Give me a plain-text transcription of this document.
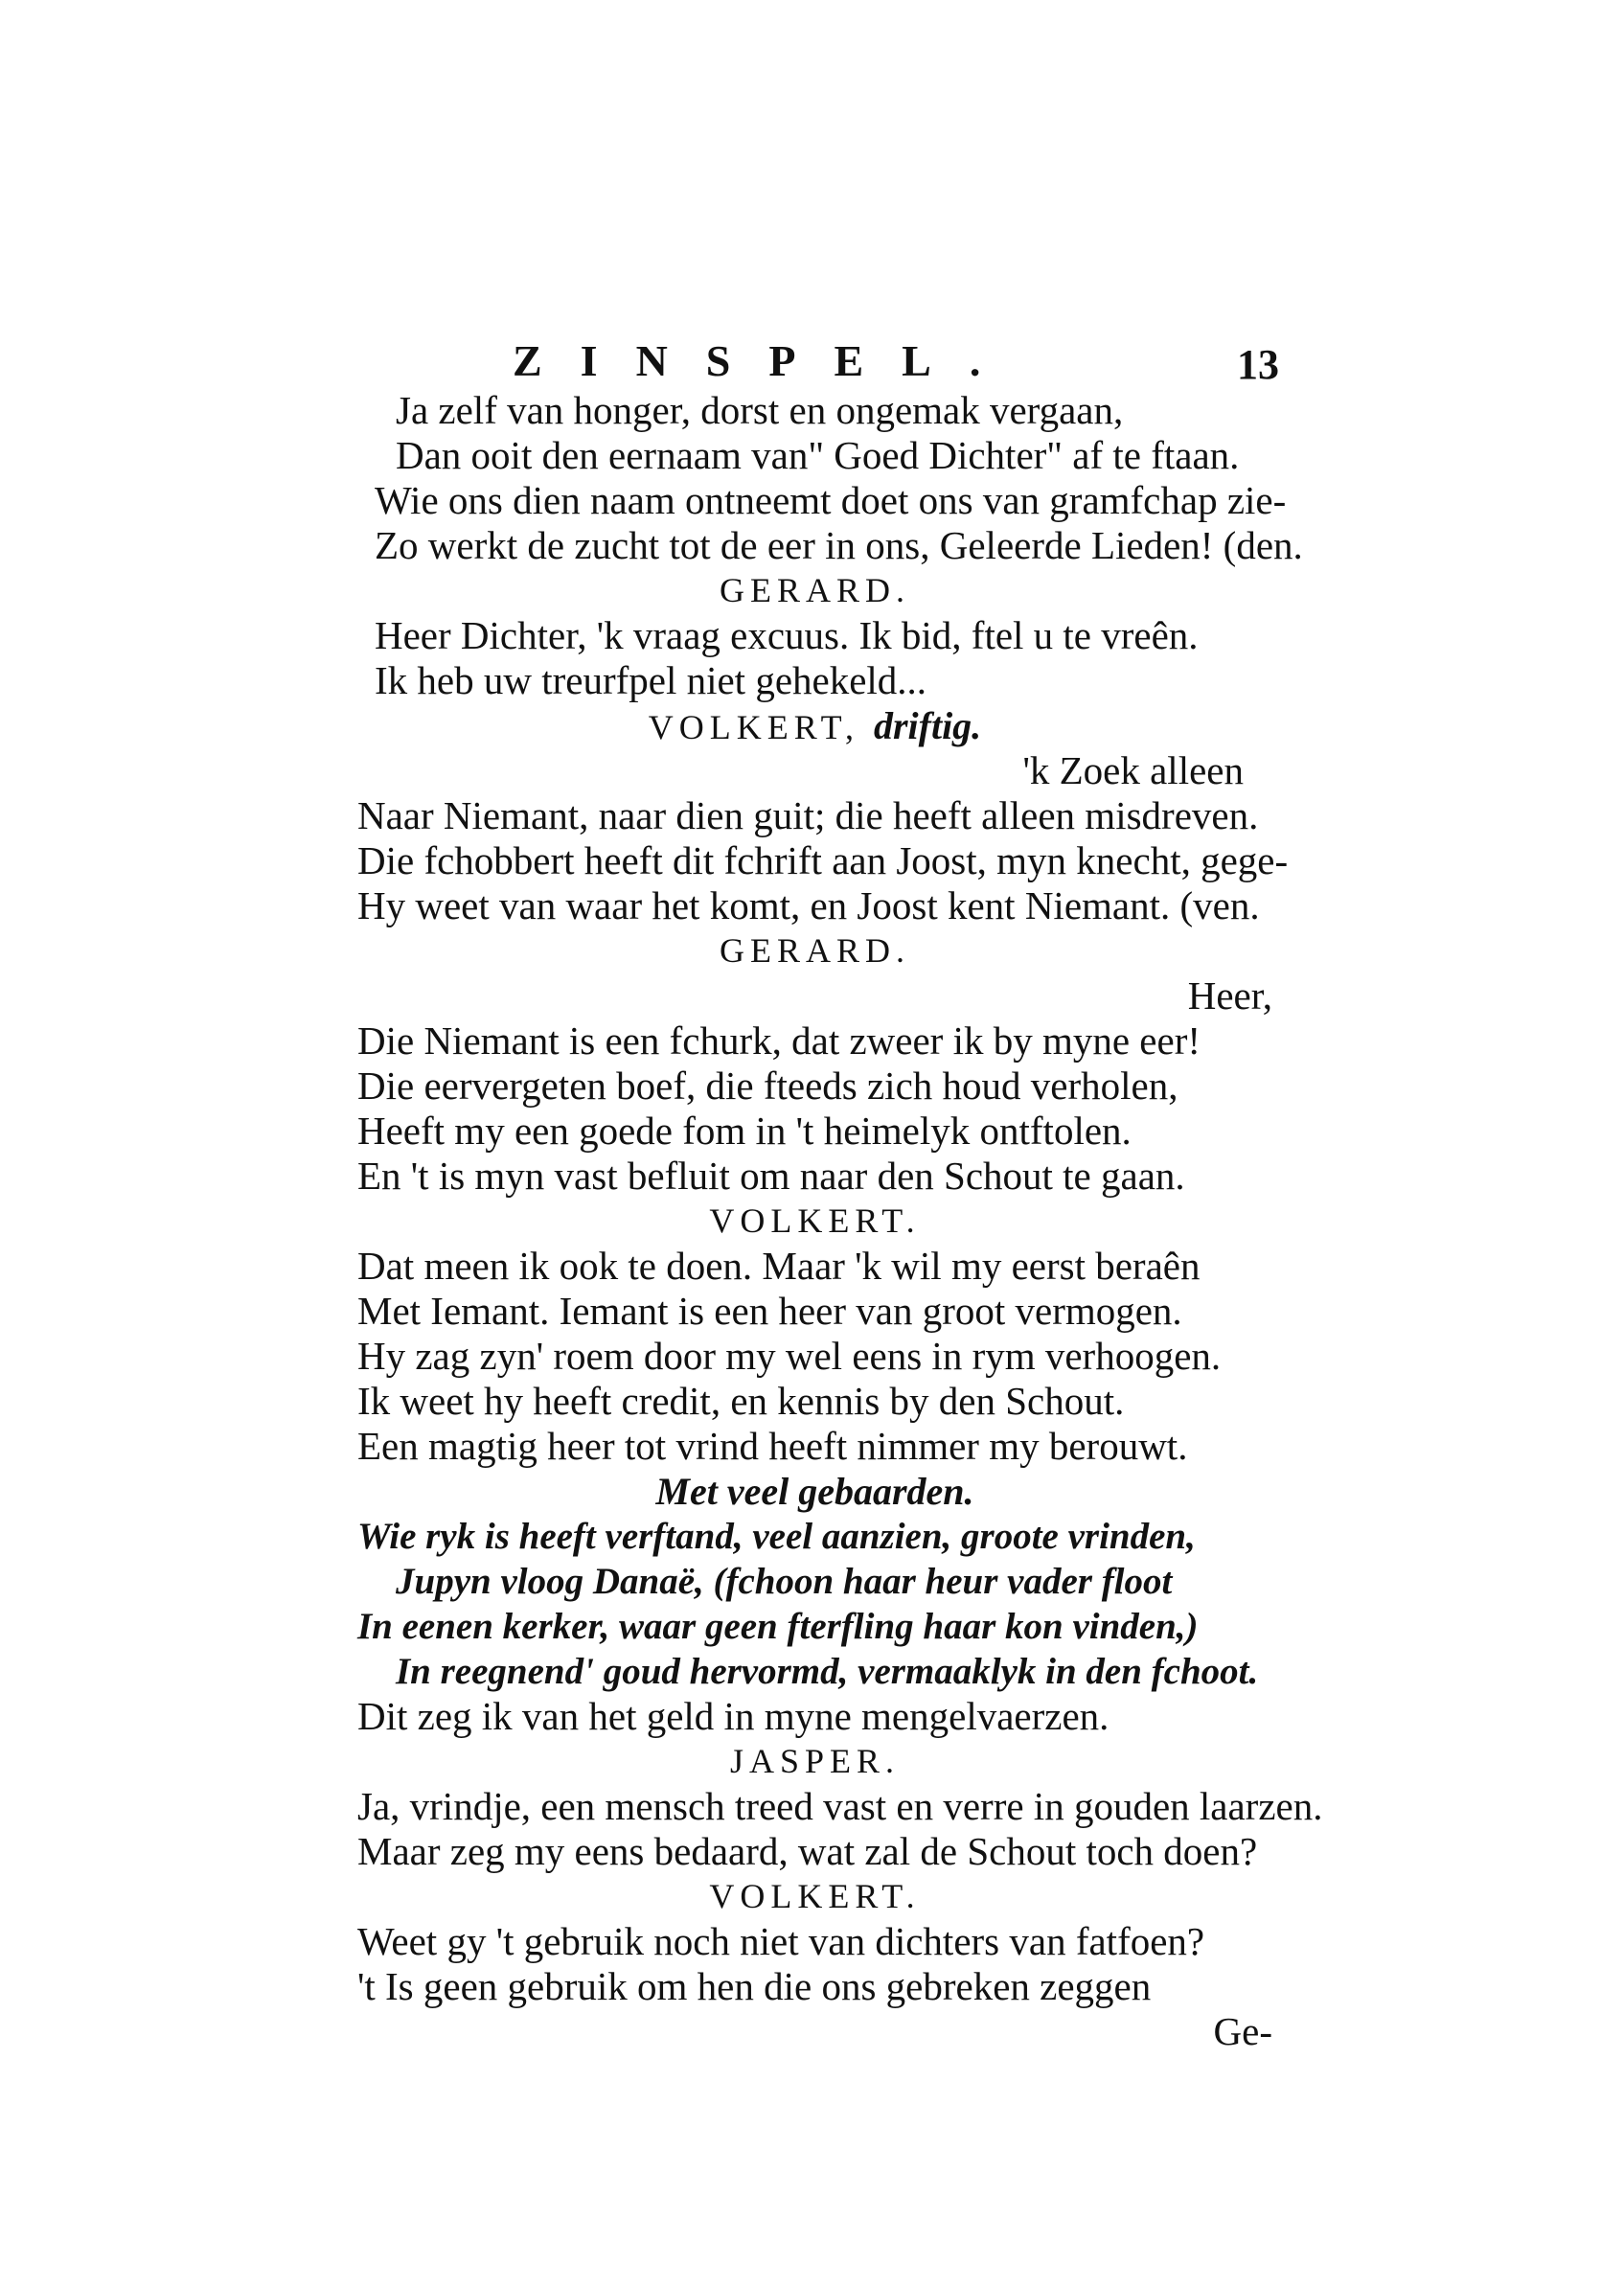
ZINSPEL.	13
Ja zelf van honger, dorst en ongemak vergaan,
Dan ooit den eernaam van" Goed Dichter" af te ftaan.
Wie ons dien naam ontneemt doet ons van gramfchap zie-
Zo werkt de zucht tot de eer in ons, Geleerde Lieden! (den.
GERARD.
Heer Dichter, 'k vraag excuus. Ik bid, ftel u te vreên.
Ik heb uw treurfpel niet gehekeld...
VOLKERT, driftig.
'k Zoek alleen
Naar Niemant, naar dien guit; die heeft alleen misdreven.
Die fchobbert heeft dit fchrift aan Joost, myn knecht, gege-
Hy weet van waar het komt, en Joost kent Niemant. (ven.
GERARD.
Heer,
Die Niemant is een fchurk, dat zweer ik by myne eer!
Die eervergeten boef, die fteeds zich houd verholen,
Heeft my een goede fom in 't heimelyk ontftolen.
En 't is myn vast befluit om naar den Schout te gaan.
VOLKERT.
Dat meen ik ook te doen. Maar 'k wil my eerst beraên
Met Iemant. Iemant is een heer van groot vermogen.
Hy zag zyn' roem door my wel eens in rym verhoogen.
Ik weet hy heeft credit, en kennis by den Schout.
Een magtig heer tot vrind heeft nimmer my berouwt.
Met veel gebaarden.
Wie ryk is heeft verftand, veel aanzien, groote vrinden,
Jupyn vloog Danaë, (fchoon haar heur vader floot
In eenen kerker, waar geen fterfling haar kon vinden,)
In reegnend' goud hervormd, vermaaklyk in den fchoot.
Dit zeg ik van het geld in myne mengelvaerzen.
JASPER.
Ja, vrindje, een mensch treed vast en verre in gouden laarzen.
Maar zeg my eens bedaard, wat zal de Schout toch doen?
VOLKERT.
Weet gy 't gebruik noch niet van dichters van fatfoen?
't Is geen gebruik om hen die ons gebreken zeggen
Ge-
